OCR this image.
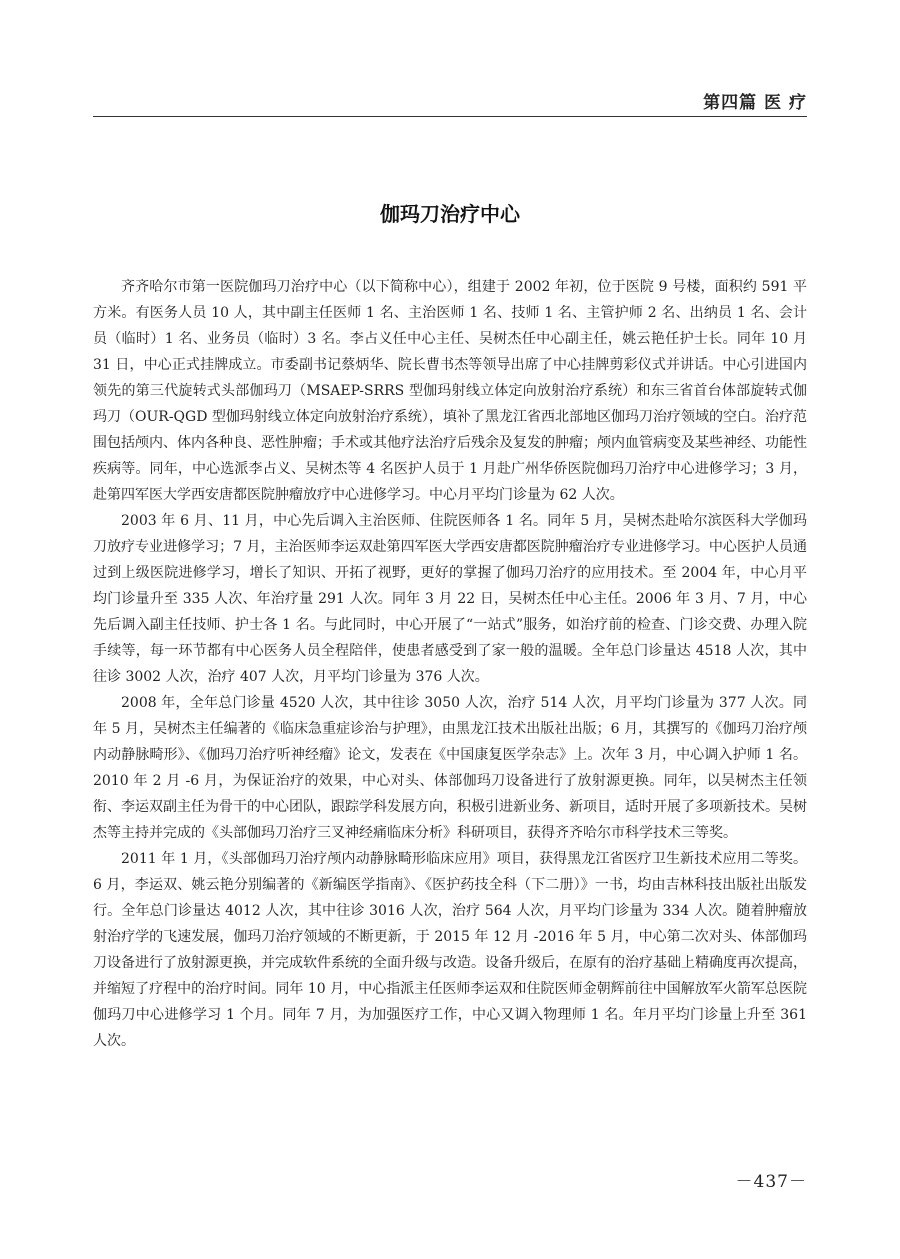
第四篇 医 疗
伽玛刀治疗中心

齐齐哈尔市第一医院伽玛刀治疗中心（以下简称中心），组建于 2002 年初，位于医院 9 号楼，面积约 591 平方米。有医务人员 10 人，其中副主任医师 1 名、主治医师 1 名、技师 1 名、主管护师 2 名、出纳员 1 名、会计员（临时）1 名、业务员（临时）3 名。李占义任中心主任、吴树杰任中心副主任，姚云艳任护士长。同年 10 月 31 日，中心正式挂牌成立。市委副书记蔡炳华、院长曹书杰等领导出席了中心挂牌剪彩仪式并讲话。中心引进国内领先的第三代旋转式头部伽玛刀（MSAEP-SRRS 型伽玛射线立体定向放射治疗系统）和东三省首台体部旋转式伽玛刀（OUR-QGD 型伽玛射线立体定向放射治疗系统），填补了黑龙江省西北部地区伽玛刀治疗领域的空白。治疗范围包括颅内、体内各种良、恶性肿瘤；手术或其他疗法治疗后残余及复发的肿瘤；颅内血管病变及某些神经、功能性疾病等。同年，中心选派李占义、吴树杰等 4 名医护人员于 1 月赴广州华侨医院伽玛刀治疗中心进修学习；3 月，赴第四军医大学西安唐都医院肿瘤放疗中心进修学习。中心月平均门诊量为 62 人次。

2003 年 6 月、11 月，中心先后调入主治医师、住院医师各 1 名。同年 5 月，吴树杰赴哈尔滨医科大学伽玛刀放疗专业进修学习；7 月，主治医师李运双赴第四军医大学西安唐都医院肿瘤治疗专业进修学习。中心医护人员通过到上级医院进修学习，增长了知识、开拓了视野，更好的掌握了伽玛刀治疗的应用技术。至 2004 年，中心月平均门诊量升至 335 人次、年治疗量 291 人次。同年 3 月 22 日，吴树杰任中心主任。2006 年 3 月、7 月，中心先后调入副主任技师、护士各 1 名。与此同时，中心开展了“一站式”服务，如治疗前的检查、门诊交费、办理入院手续等，每一环节都有中心医务人员全程陪伴，使患者感受到了家一般的温暖。全年总门诊量达 4518 人次，其中往诊 3002 人次，治疗 407 人次，月平均门诊量为 376 人次。

2008 年，全年总门诊量 4520 人次，其中往诊 3050 人次，治疗 514 人次，月平均门诊量为 377 人次。同年 5 月，吴树杰主任编著的《临床急重症诊治与护理》，由黑龙江技术出版社出版；6 月，其撰写的《伽玛刀治疗颅内动静脉畸形》、《伽玛刀治疗听神经瘤》论文，发表在《中国康复医学杂志》上。次年 3 月，中心调入护师 1 名。2010 年 2 月 -6 月，为保证治疗的效果，中心对头、体部伽玛刀设备进行了放射源更换。同年，以吴树杰主任领衔、李运双副主任为骨干的中心团队，跟踪学科发展方向，积极引进新业务、新项目，适时开展了多项新技术。吴树杰等主持并完成的《头部伽玛刀治疗三叉神经痛临床分析》科研项目，获得齐齐哈尔市科学技术三等奖。

2011 年 1 月，《头部伽玛刀治疗颅内动静脉畸形临床应用》项目，获得黑龙江省医疗卫生新技术应用二等奖。6 月，李运双、姚云艳分别编著的《新编医学指南》、《医护药技全科（下二册）》一书，均由吉林科技出版社出版发行。全年总门诊量达 4012 人次，其中往诊 3016 人次，治疗 564 人次，月平均门诊量为 334 人次。随着肿瘤放射治疗学的飞速发展，伽玛刀治疗领域的不断更新，于 2015 年 12 月 -2016 年 5 月，中心第二次对头、体部伽玛刀设备进行了放射源更换，并完成软件系统的全面升级与改造。设备升级后，在原有的治疗基础上精确度再次提高，并缩短了疗程中的治疗时间。同年 10 月，中心指派主任医师李运双和住院医师金朝辉前往中国解放军火箭军总医院伽玛刀中心进修学习 1 个月。同年 7 月，为加强医疗工作，中心又调入物理师 1 名。年月平均门诊量上升至 361 人次。

－437－
